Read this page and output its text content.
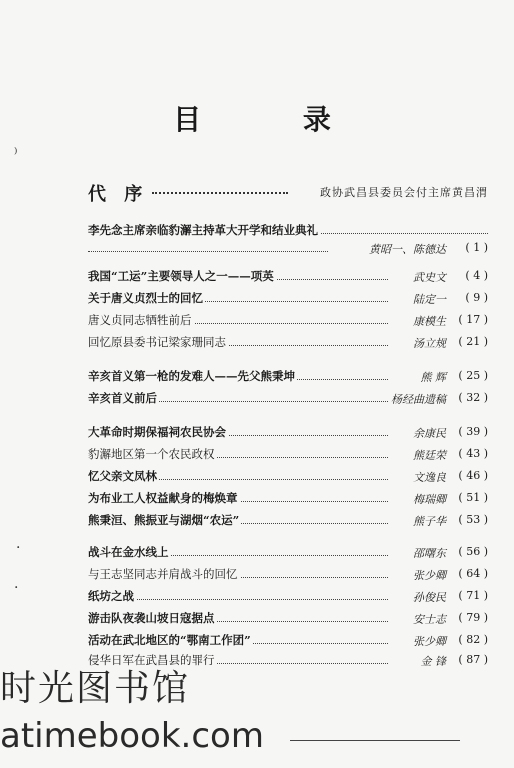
目 录
代 序	政协武昌县委员会付主席黄昌渭
李先念主席亲临豹澥主持革大开学和结业典礼
黄昭一、陈德达	( 1 )
我国“工运”主要领导人之一——项英	武史文	( 4 )
关于唐义贞烈士的回忆	陆定一	( 9 )
唐义贞同志牺牲前后	康模生	( 17 )
回忆原县委书记梁家珊同志	汤立规	( 21 )
辛亥首义第一枪的发难人——先父熊秉坤	熊 辉	( 25 )
辛亥首义前后	杨经曲遗稿	( 32 )
大革命时期保福祠农民协会	余康民	( 39 )
豹澥地区第一个农民政权	熊廷荣	( 43 )
忆父亲文凤林	文逸良	( 46 )
为布业工人权益献身的梅焕章	梅瑞卿	( 51 )
熊秉洹、熊振亚与湖烟“农运”	熊子华	( 53 )
战斗在金水线上	邵曙东	( 56 )
与王志坚同志并肩战斗的回忆	张少卿	( 64 )
纸坊之战	孙俊民	( 71 )
游击队夜袭山坡日寇据点	安士志	( 79 )
活动在武北地区的“鄂南工作团”	张少卿	( 82 )
侵华日军在武昌县的罪行	金 锋	( 87 )
⁾
·
·
时光图书馆
atimebook.com
